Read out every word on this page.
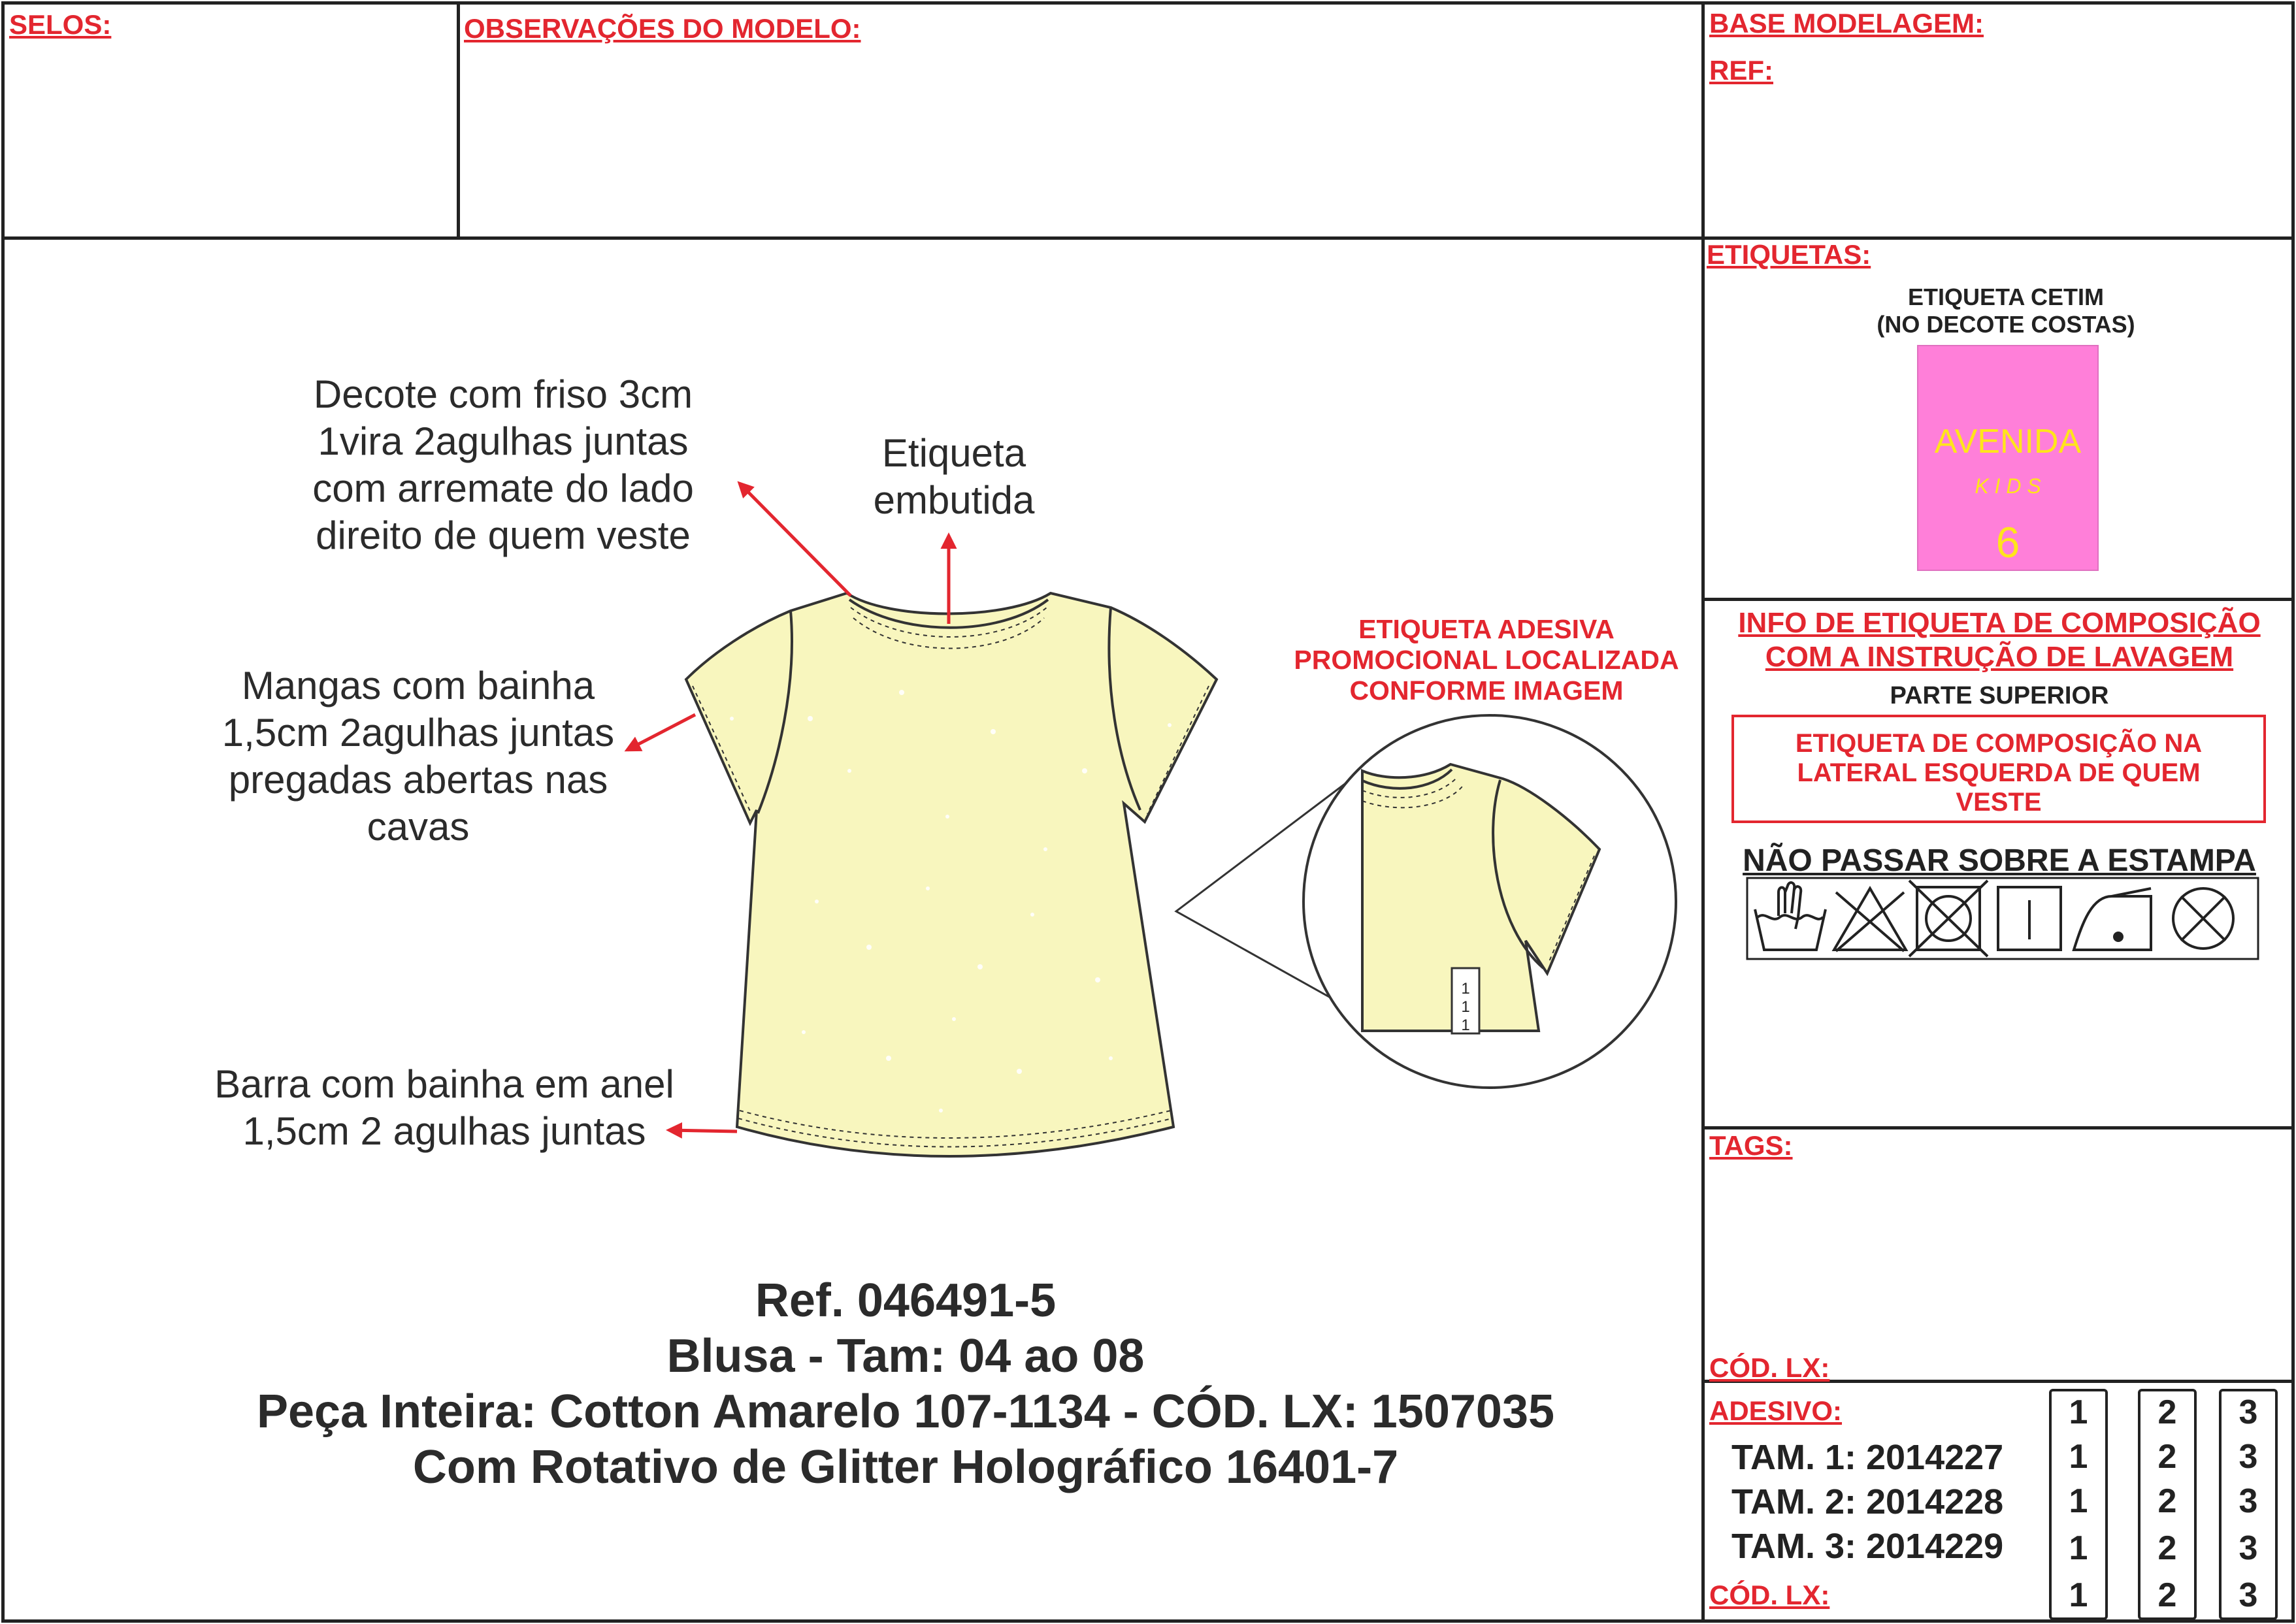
SELOS:	OBSERVAÇÕES DO MODELO:	BASE MODELAGEM:
REF:
Decote com friso 3cm
1vira 2agulhas juntas
com arremate do lado
direito de quem veste
Etiqueta
embutida
Mangas com bainha
1,5cm 2agulhas juntas
pregadas abertas nas
cavas
Barra com bainha em anel
1,5cm 2 agulhas juntas
ETIQUETA ADESIVA
PROMOCIONAL LOCALIZADA
CONFORME IMAGEM
1
1
1
Ref. 046491-5
Blusa - Tam: 04 ao 08
Peça Inteira: Cotton Amarelo 107-1134 - CÓD. LX: 1507035
Com Rotativo de Glitter Holográfico 16401-7
ETIQUETAS:
ETIQUETA CETIM
(NO DECOTE COSTAS)
AVENIDA
K I D S
6
INFO DE ETIQUETA DE COMPOSIÇÃO
COM A INSTRUÇÃO DE LAVAGEM
PARTE SUPERIOR
ETIQUETA DE COMPOSIÇÃO NA
LATERAL ESQUERDA DE QUEM
VESTE
NÃO PASSAR SOBRE A ESTAMPA
TAGS:
CÓD. LX:
ADESIVO:
TAM. 1: 2014227
TAM. 2: 2014228
TAM. 3: 2014229
CÓD. LX:
1
1
1
1
1
2
2
2
2
2
3
3
3
3
3
